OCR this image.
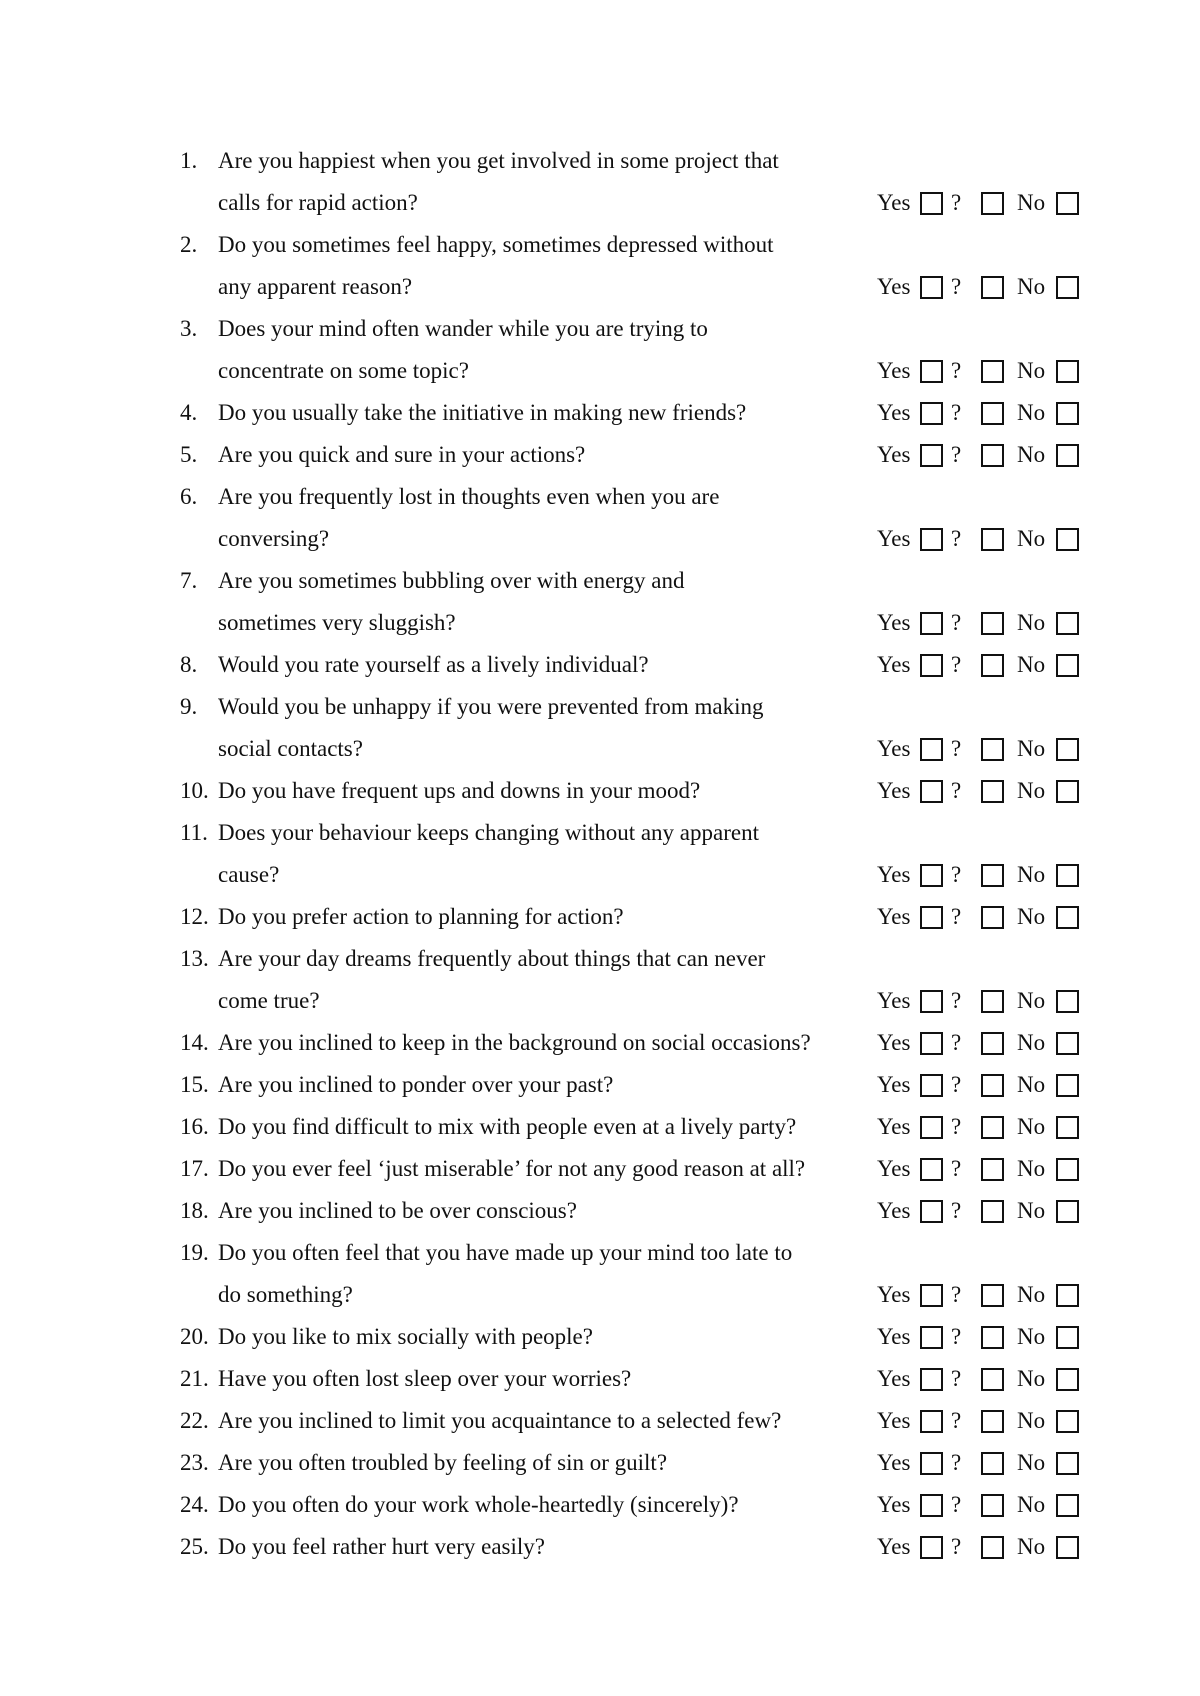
1. Are you happiest when you get involved in some project that
calls for rapid action?	Yes ? No
2. Do you sometimes feel happy, sometimes depressed without
any apparent reason?	Yes ? No
3. Does your mind often wander while you are trying to
concentrate on some topic?	Yes ? No
4. Do you usually take the initiative in making new friends?	Yes ? No
5. Are you quick and sure in your actions?	Yes ? No
6. Are you frequently lost in thoughts even when you are
conversing?	Yes ? No
7. Are you sometimes bubbling over with energy and
sometimes very sluggish?	Yes ? No
8. Would you rate yourself as a lively individual?	Yes ? No
9. Would you be unhappy if you were prevented from making
social contacts?	Yes ? No
10. Do you have frequent ups and downs in your mood?	Yes ? No
11. Does your behaviour keeps changing without any apparent
cause?	Yes ? No
12. Do you prefer action to planning for action?	Yes ? No
13. Are your day dreams frequently about things that can never
come true?	Yes ? No
14. Are you inclined to keep in the background on social occasions?	Yes ? No
15. Are you inclined to ponder over your past?	Yes ? No
16. Do you find difficult to mix with people even at a lively party?	Yes ? No
17. Do you ever feel ‘just miserable’ for not any good reason at all?	Yes ? No
18. Are you inclined to be over conscious?	Yes ? No
19. Do you often feel that you have made up your mind too late to
do something?	Yes ? No
20. Do you like to mix socially with people?	Yes ? No
21. Have you often lost sleep over your worries?	Yes ? No
22. Are you inclined to limit you acquaintance to a selected few?	Yes ? No
23. Are you often troubled by feeling of sin or guilt?	Yes ? No
24. Do you often do your work whole-heartedly (sincerely)?	Yes ? No
25. Do you feel rather hurt very easily?	Yes ? No
